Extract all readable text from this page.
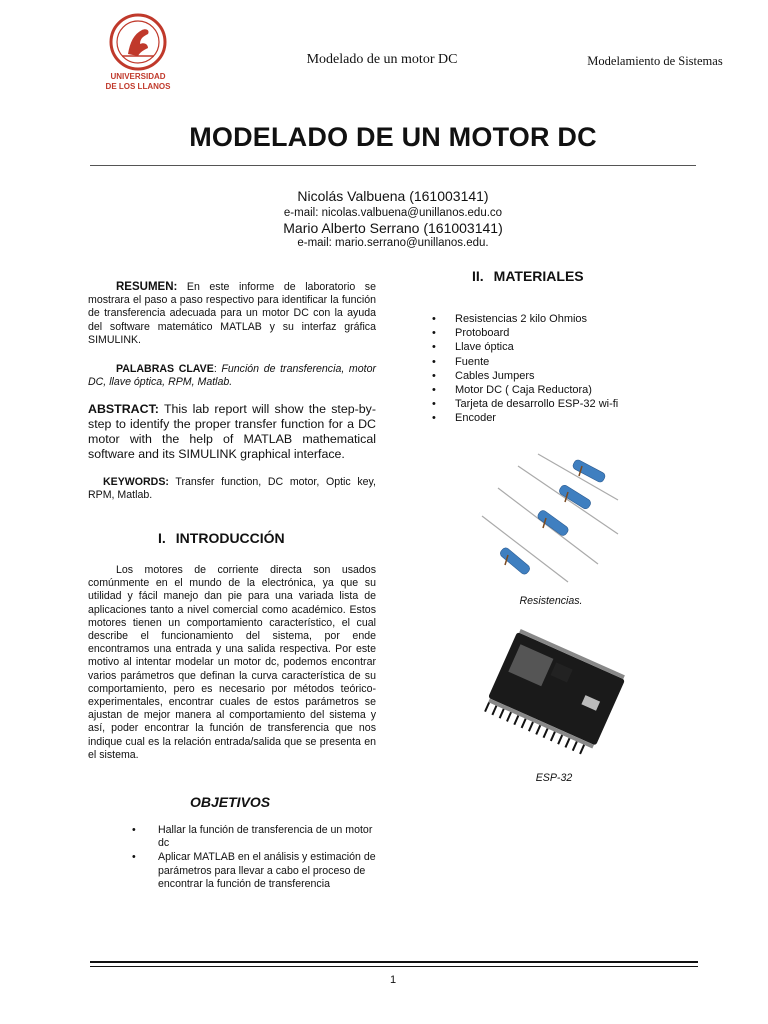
UNIVERSIDAD
DE LOS LLANOS
Modelado de un motor DC	Modelamiento de Sistemas
MODELADO DE UN MOTOR DC
Nicolás Valbuena (161003141)
e-mail: nicolas.valbuena@unillanos.edu.co
Mario Alberto Serrano (161003141)
e-mail: mario.serrano@unillanos.edu.

RESUMEN: En este informe de laboratorio se mostrara el paso a paso respectivo para identificar la función de transferencia adecuada para un motor DC con la ayuda del software matemático MATLAB y su interfaz gráfica SIMULINK.

PALABRAS CLAVE: Función de transferencia, motor DC, llave óptica, RPM, Matlab.

ABSTRACT: This lab report will show the step-by-step to identify the proper transfer function for a DC motor with the help of MATLAB mathematical software and its SIMULINK graphical interface.

KEYWORDS: Transfer function, DC motor, Optic key, RPM, Matlab.

I. INTRODUCCIÓN

Los motores de corriente directa son usados comúnmente en el mundo de la electrónica, ya que su utilidad y fácil manejo dan pie para una variada lista de aplicaciones tanto a nivel comercial como académico. Estos motores tienen un comportamiento característico, el cual describe el funcionamiento del sistema, por ende encontramos una entrada y una salida respectiva. Por este motivo al intentar modelar un motor dc, podemos encontrar varios parámetros que definan la curva característica de su comportamiento, pero es necesario por métodos teórico-experimentales, encontrar cuales de estos parámetros se ajustan de mejor manera al comportamiento del sistema y así, poder encontrar la función de transferencia que nos indique cual es la relación entrada/salida que se presenta en el sistema.

OBJETIVOS
• Hallar la función de transferencia de un motor dc
• Aplicar MATLAB en el análisis y estimación de parámetros para llevar a cabo el proceso de encontrar la función de transferencia
II. MATERIALES
• Resistencias 2 kilo Ohmios
• Protoboard
• Llave óptica
• Fuente
• Cables Jumpers
• Motor DC ( Caja Reductora)
• Tarjeta de desarrollo ESP-32 wi-fi
• Encoder
Resistencias.
ESP-32
1
